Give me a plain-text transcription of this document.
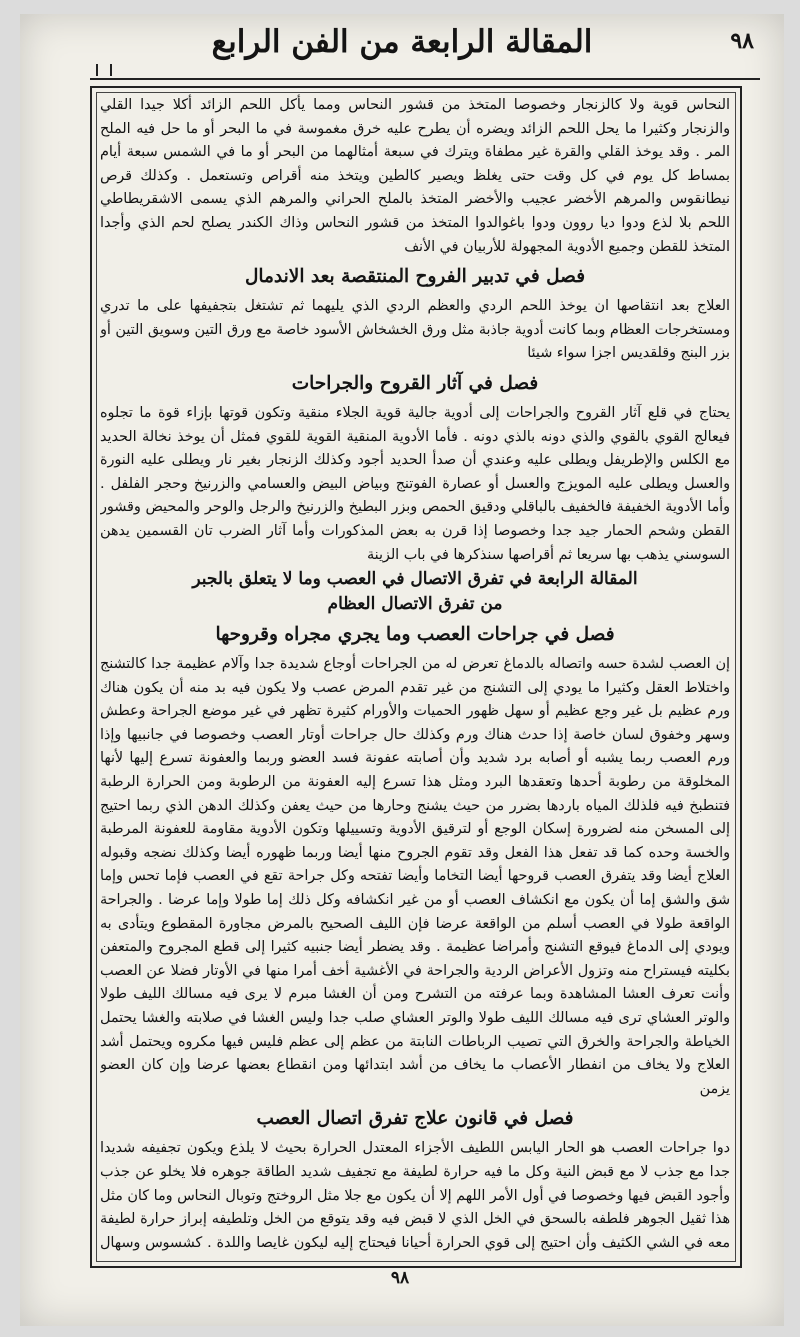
المقالة الرابعة من الفن الرابع	٩٨

النحاس قوية ولا كالزنجار وخصوصا المتخذ من قشور النحاس ومما يأكل اللحم الزائد أكلا جيدا القلي والزنجار وكثيرا ما يحل اللحم الزائد ويضره أن يطرح عليه خرق مغموسة في ما البحر أو ما حل فيه الملح المر . وقد يوخذ القلي والقرة غير مطفاة ويترك في سبعة أمثالهما من البحر أو ما في الشمس سبعة أيام بمساط كل يوم في كل وقت حتى يغلظ ويصير كالطين ويتخذ منه أقراص وتستعمل . وكذلك قرص نيطانقوس والمرهم الأخضر عجيب والأخضر المتخذ بالملح الحراني والمرهم الذي يسمى الاشقريطاطي اللحم بلا لذع ودوا ديا روون ودوا باغوالدوا المتخذ من قشور النحاس وذاك الكندر يصلح لحم الذي وأجدا المتخذ للقطن وجميع الأدوية المجهولة للأربيان في الأنف

فصل في تدبير الفروح المنتقصة بعد الاندمال

العلاج بعد انتقاصها ان يوخذ اللحم الردي والعظم الردي الذي يليهما ثم تشتغل بتجفيفها على ما تدري ومستخرجات العظام وبما كانت أدوية جاذبة مثل ورق الخشخاش الأسود خاصة مع ورق التين وسويق التين أو بزر البنج وقلقديس اجزا سواء شيئا

فصل في آثار القروح والجراحات

يحتاج في قلع آثار القروح والجراحات إلى أدوية جالية قوية الجلاء منقية وتكون قوتها بإزاء قوة ما تجلوه فيعالج القوي بالقوي والذي دونه بالذي دونه . فأما الأدوية المنقية القوية للقوي فمثل أن يوخذ نخالة الحديد مع الكلس والإطريفل ويطلى عليه وعندي أن صدأ الحديد أجود وكذلك الزنجار بغير نار ويطلى عليه النورة والعسل ويطلى عليه المويزج والعسل أو عصارة الفوتنج وبياض البيض والعسامي والزرنيخ وحجر الفلفل . وأما الأدوية الخفيفة فالخفيف بالباقلي ودقيق الحمص وبزر البطيخ والزرنيخ والرجل والوحر والمحيض وقشور القطن وشحم الحمار جيد جدا وخصوصا إذا قرن به بعض المذكورات وأما آثار الضرب تان القسمين يدهن السوسني يذهب بها سريعا ثم أقراصها سنذكرها في باب الزينة

المقالة الرابعة في تفرق الاتصال في العصب وما لا يتعلق بالجبر

من تفرق الاتصال العظام

فصل في جراحات العصب وما يجري مجراه وقروحها

إن العصب لشدة حسه واتصاله بالدماغ تعرض له من الجراحات أوجاع شديدة جدا وآلام عظيمة جدا كالتشنج واختلاط العقل وكثيرا ما يودي إلى التشنج من غير تقدم المرض عصب ولا يكون فيه بد منه أن يكون هناك ورم عظيم بل غير وجع عظيم أو سهل ظهور الحميات والأورام كثيرة تظهر في غير موضع الجراحة وعطش وسهر وخفوق لسان خاصة إذا حدث هناك ورم وكذلك حال جراحات أوتار العصب وخصوصا في جانبيها وإذا ورم العصب ربما يشبه أو أصابه برد شديد وأن أصابته عفونة فسد العضو وربما والعفونة تسرع إليها لأنها المخلوقة من رطوبة أحدها وتعقدها البرد ومثل هذا تسرع إليه العفونة من الرطوبة ومن الحرارة الرطبة فتنطبخ فيه فلذلك المياه باردها بضرر من حيث يشنج وحارها من حيث يعفن وكذلك الدهن الذي ربما احتيج إلى المسخن منه لضرورة إسكان الوجع أو لترقيق الأدوية وتسييلها وتكون الأدوية مقاومة للعفونة المرطبة والخسة وحده كما قد تفعل هذا الفعل وقد تقوم الجروح منها أيضا وربما ظهوره أيضا وكذلك نضجه وقبوله العلاج أيضا وقد يتفرق العصب قروحها أيضا التخاما وأيضا تفتحه وكل جراحة تقع في العصب فإما تحس وإما شق والشق إما أن يكون مع انكشاف العصب أو من غير انكشافه وكل ذلك إما طولا وإما عرضا . والجراحة الواقعة طولا في العصب أسلم من الواقعة عرضا فإن الليف الصحيح بالمرض مجاورة المقطوع ويتأدى به ويودي إلى الدماغ فيوقع التشنج وأمراضا عظيمة . وقد يضطر أيضا جنبيه كثيرا إلى قطع المجروح والمتعفن بكليته فيستراح منه وتزول الأعراض الردية والجراحة في الأغشية أخف أمرا منها في الأوتار فضلا عن العصب وأنت تعرف العشا المشاهدة وبما عرفته من التشرح ومن أن الغشا مبرم لا يرى فيه مسالك الليف طولا والوتر العشاي ترى فيه مسالك الليف طولا والوتر العشاي صلب جدا وليس الغشا في صلابته والغشا يحتمل الخياطة والجراحة والخرق التي تصيب الرباطات النابتة من عظم إلى عظم فليس فيها مكروه ويحتمل أشد العلاج ولا يخاف من انفطار الأعصاب ما يخاف من أشد ابتدائها ومن انقطاع بعضها عرضا وإن كان العضو يزمن

فصل في قانون علاج تفرق اتصال العصب

دوا جراحات العصب هو الحار اليابس اللطيف الأجزاء المعتدل الحرارة بحيث لا يلذع ويكون تجفيفه شديدا جدا مع جذب لا مع قبض النية وكل ما فيه حرارة لطيفة مع تجفيف شديد الطاقة جوهره فلا يخلو عن جذب وأجود القبض فيها وخصوصا في أول الأمر اللهم إلا أن يكون مع جلا مثل الروختج وتوبال النحاس وما كان مثل هذا ثقيل الجوهر فلطفه بالسحق في الخل الذي لا قبض فيه وقد يتوقع من الخل وتلطيفه إبراز حرارة لطيفة معه في الشي الكثيف وأن احتيج إلى قوي الحرارة أحيانا فيحتاج إليه ليكون غايصا واللدة . كشسوس وسهال

٩٨
